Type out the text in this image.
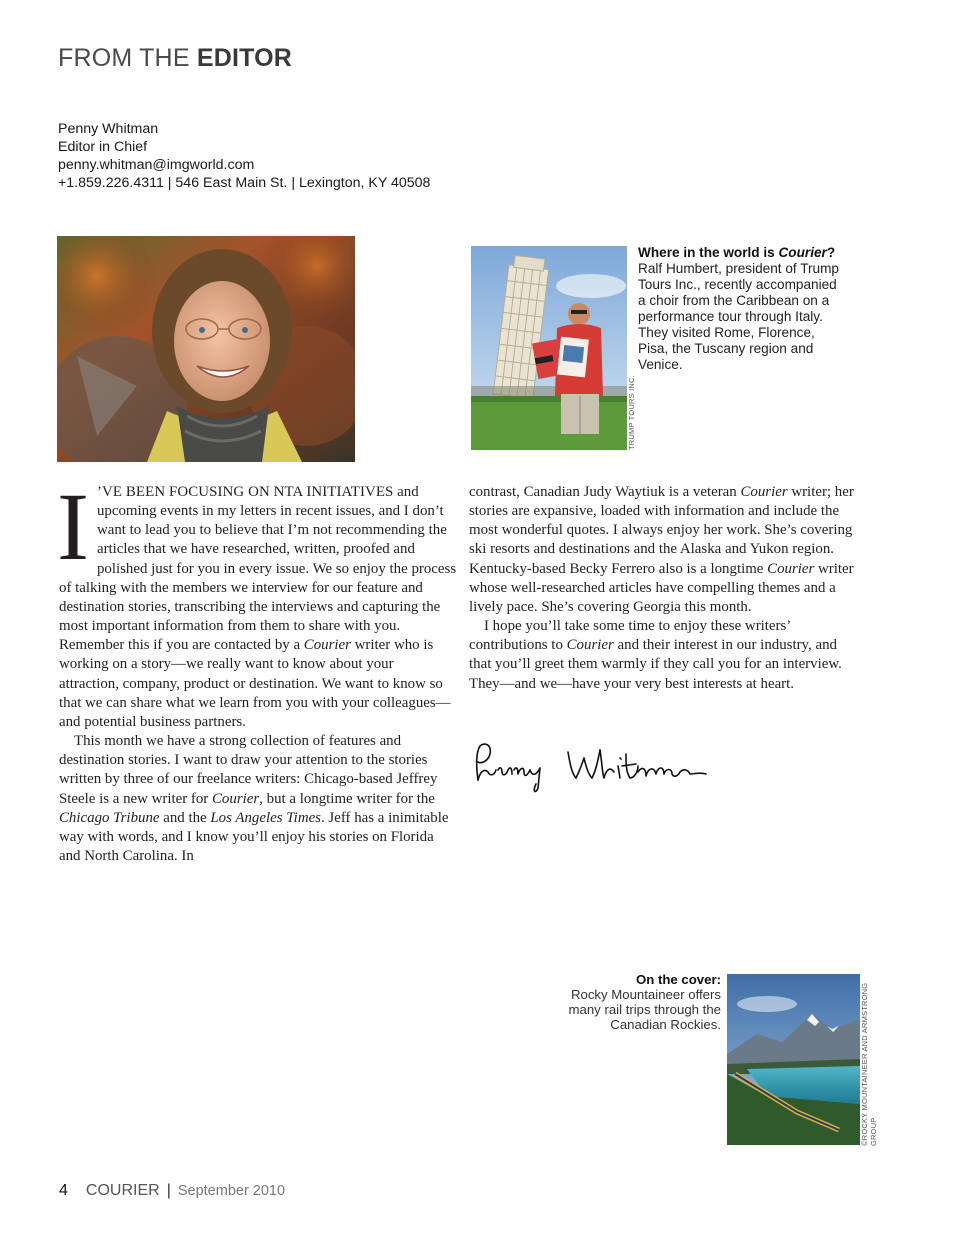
FROM THE EDITOR
Penny Whitman
Editor in Chief
penny.whitman@imgworld.com
+1.859.226.4311 | 546 East Main St. | Lexington, KY 40508
TRUMP TOURS INC.
Where in the world is Courier?
Ralf Humbert, president of Trump Tours Inc., recently accompanied a choir from the Caribbean on a performance tour through Italy. They visited Rome, Florence, Pisa, the Tuscany region and Venice.

I ’VE BEEN FOCUSING ON NTA INITIATIVES and upcoming events in my letters in recent issues, and I don’t want to lead you to believe that I’m not recommending the articles that we have researched, written, proofed and polished just for you in every issue. We so enjoy the process of talking with the members we interview for our feature and destination stories, transcribing the interviews and capturing the most important information from them to share with you. Remember this if you are contacted by a Courier writer who is working on a story—we really want to know about your attraction, company, product or destination. We want to know so that we can share what we learn from you with your colleagues—and potential business partners.

This month we have a strong collection of features and destination stories. I want to draw your attention to the stories written by three of our freelance writers: Chicago-based Jeffrey Steele is a new writer for Courier, but a longtime writer for the Chicago Tribune and the Los Angeles Times. Jeff has a inimitable way with words, and I know you’ll enjoy his stories on Florida and North Carolina. In

contrast, Canadian Judy Waytiuk is a veteran Courier writer; her stories are expansive, loaded with information and include the most wonderful quotes. I always enjoy her work. She’s covering ski resorts and destinations and the Alaska and Yukon region. Kentucky-based Becky Ferrero also is a longtime Courier writer whose well-researched articles have compelling themes and a lively pace. She’s covering Georgia this month.

I hope you’ll take some time to enjoy these writers’ contributions to Courier and their interest in our industry, and that you’ll greet them warmly if they call you for an interview. They—and we—have your very best interests at heart.

On the cover:
Rocky Mountaineer offers many rail trips through the Canadian Rockies.	©ROCKY MOUNTAINEER AND ARMSTRONG GROUP
4 COURIER | September 2010
